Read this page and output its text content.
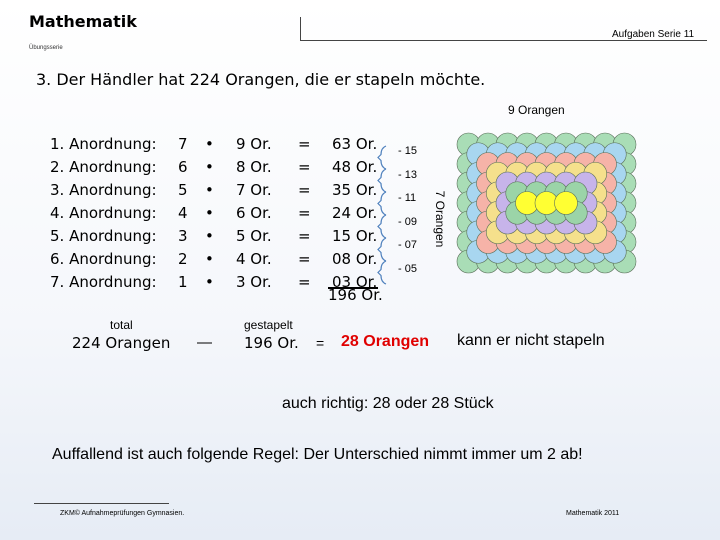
Mathematik
Aufgaben Serie 11
Übungsserie
3. Der Händler hat 224 Orangen, die er stapeln möchte.
9 Orangen
1. Anordnung:
2. Anordnung:
3. Anordnung:
4. Anordnung:
5. Anordnung:
6. Anordnung:
7. Anordnung:
7
6
5
4
3
2
1
•
•
•
•
•
•
•
9 Or.
8 Or.
7 Or.
6 Or.
5 Or.
4 Or.
3 Or.
=
=
=
=
=
=
=
63 Or.
48 Or.
35 Or.
24 Or.
15 Or.
08 Or.
03 Or.
- 15
- 13
- 11
- 09
- 07
- 05
196 Or.
7 Orangen
total
224 Orangen —
gestapelt
196 Or. = 28 Orangen kann er nicht stapeln
auch richtig: 28 oder 28 Stück
Auffallend ist auch folgende Regel: Der Unterschied nimmt immer um 2 ab!
ZKM© Aufnahmeprüfungen Gymnasien.	Mathematik 2011
